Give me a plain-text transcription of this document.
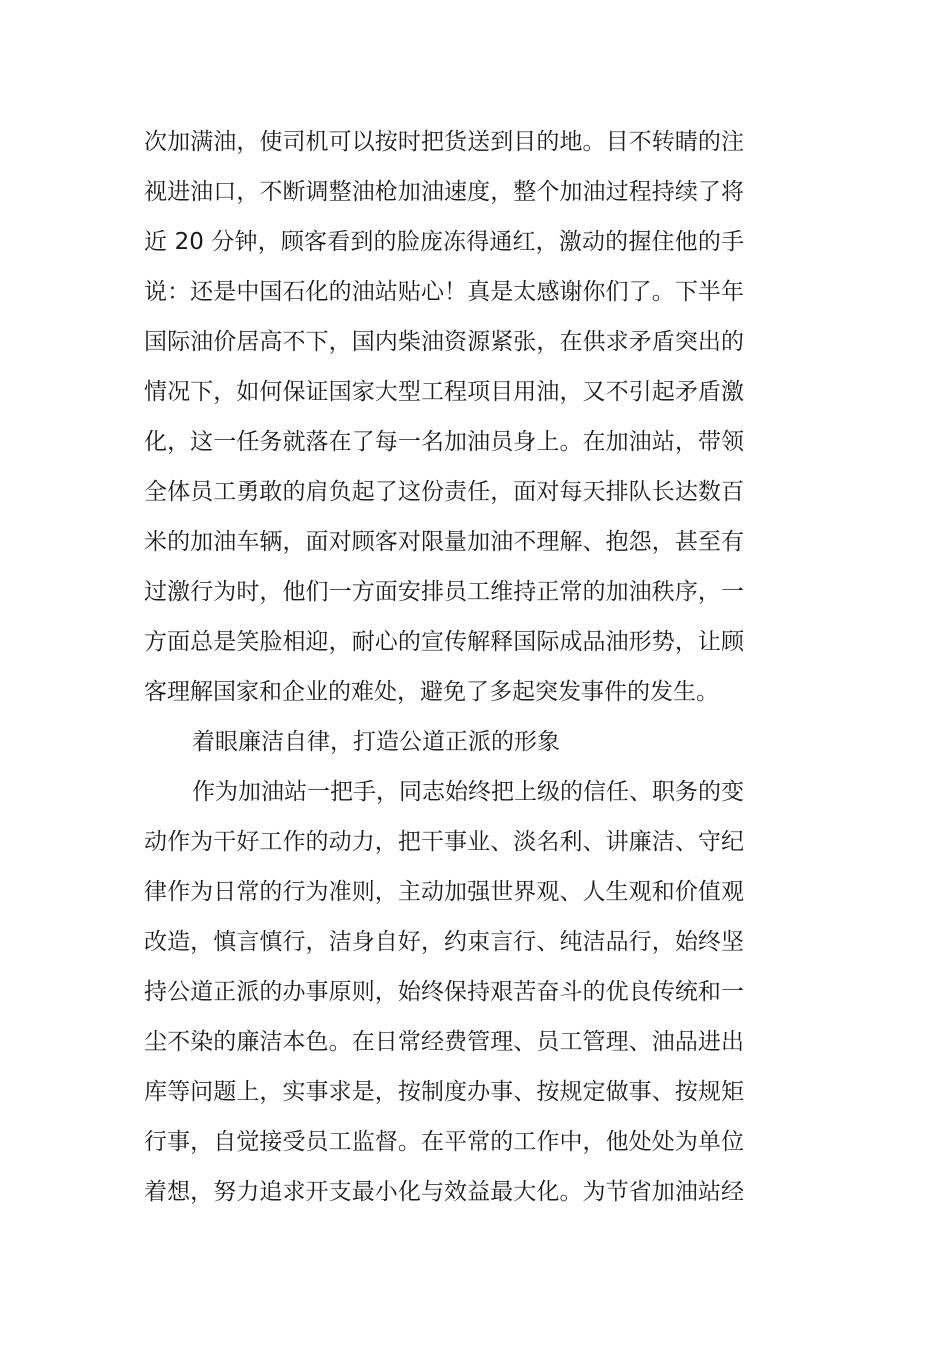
次加满油，使司机可以按时把货送到目的地。目不转睛的注
视进油口，不断调整油枪加油速度，整个加油过程持续了将
近 20 分钟，顾客看到的脸庞冻得通红，激动的握住他的手
说：还是中国石化的油站贴心！真是太感谢你们了。下半年
国际油价居高不下，国内柴油资源紧张，在供求矛盾突出的
情况下，如何保证国家大型工程项目用油，又不引起矛盾激
化，这一任务就落在了每一名加油员身上。在加油站，带领
全体员工勇敢的肩负起了这份责任，面对每天排队长达数百
米的加油车辆，面对顾客对限量加油不理解、抱怨，甚至有
过激行为时，他们一方面安排员工维持正常的加油秩序，一
方面总是笑脸相迎，耐心的宣传解释国际成品油形势，让顾
客理解国家和企业的难处，避免了多起突发事件的发生。
着眼廉洁自律，打造公道正派的形象
作为加油站一把手，同志始终把上级的信任、职务的变
动作为干好工作的动力，把干事业、淡名利、讲廉洁、守纪
律作为日常的行为准则，主动加强世界观、人生观和价值观
改造，慎言慎行，洁身自好，约束言行、纯洁品行，始终坚
持公道正派的办事原则，始终保持艰苦奋斗的优良传统和一
尘不染的廉洁本色。在日常经费管理、员工管理、油品进出
库等问题上，实事求是，按制度办事、按规定做事、按规矩
行事，自觉接受员工监督。在平常的工作中，他处处为单位
着想，努力追求开支最小化与效益最大化。为节省加油站经
